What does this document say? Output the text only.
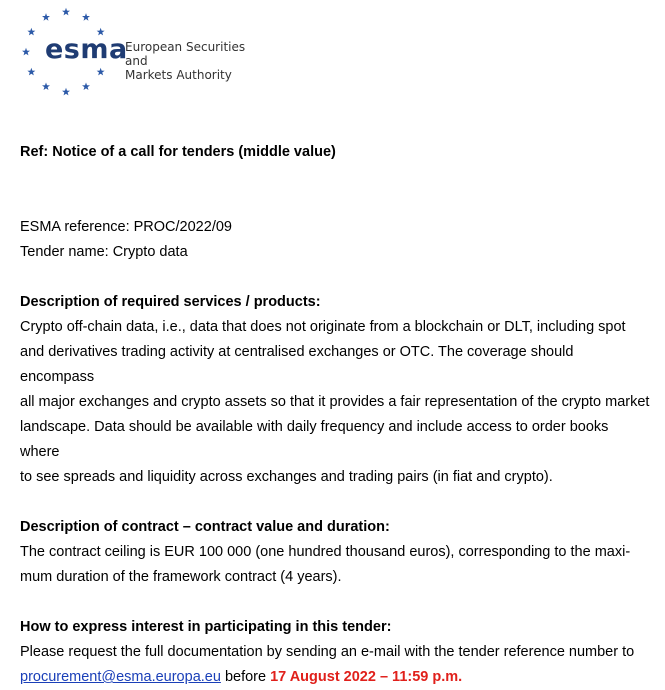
esma
European Securities and
Markets Authority

Ref: Notice of a call for tenders (middle value)

ESMA reference: PROC/2022/09

Tender name: Crypto data

Description of required services / products:

Crypto off-chain data, i.e., data that does not originate from a blockchain or DLT, including spot

and derivatives trading activity at centralised exchanges or OTC. The coverage should encompass

all major exchanges and crypto assets so that it provides a fair representation of the crypto market

landscape. Data should be available with daily frequency and include access to order books where

to see spreads and liquidity across exchanges and trading pairs (in fiat and crypto).

Description of contract – contract value and duration:

The contract ceiling is EUR 100 000 (one hundred thousand euros), corresponding to the maxi-

mum duration of the framework contract (4 years).

How to express interest in participating in this tender:

Please request the full documentation by sending an e-mail with the tender reference number to

procurement@esma.europa.eu before 17 August 2022 – 11:59 p.m.
